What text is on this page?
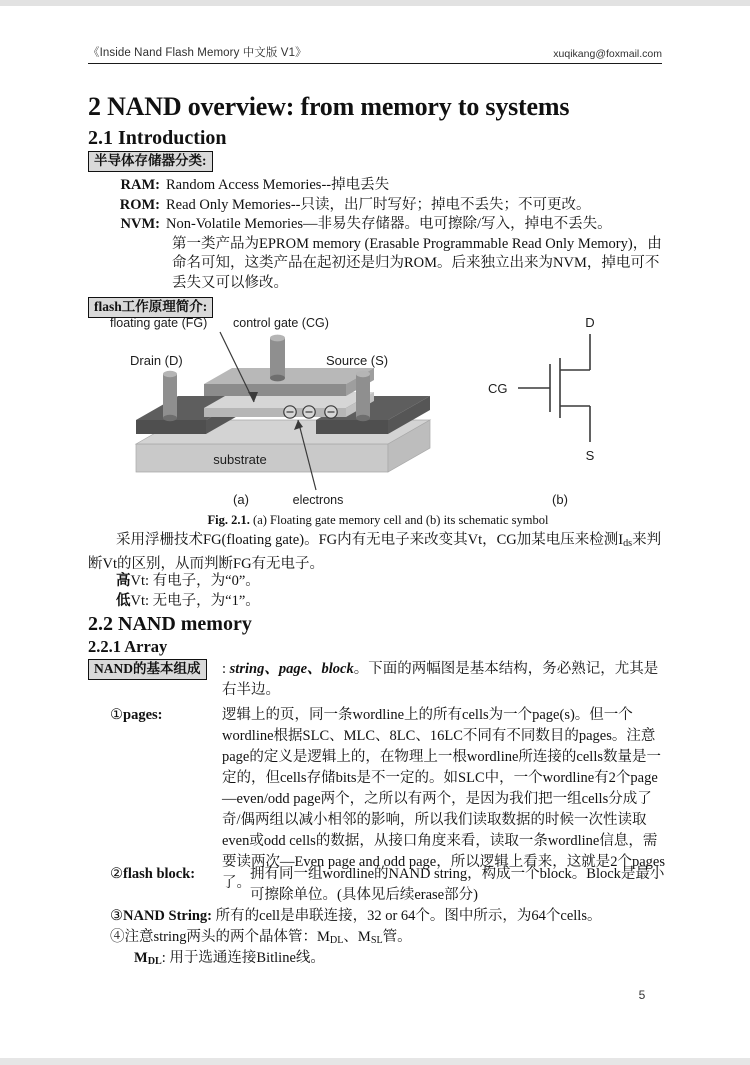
《Inside Nand Flash Memory 中文版 V1》	xuqikang@foxmail.com
2 NAND overview: from memory to systems
2.1 Introduction
半导体存储器分类:
RAM: Random Access Memories--掉电丢失
ROM: Read Only Memories--只读，出厂时写好；掉电不丢失；不可更改。
NVM: Non-Volatile Memories—非易失存储器。电可擦除/写入，掉电不丢失。
第一类产品为EPROM memory (Erasable Programmable Read Only Memory)，由命名可知，这类产品在起初还是归为ROM。后来独立出来为NVM，掉电可不丢失又可以修改。
flash工作原理简介:
floating gate (FG) control gate (CG)
Drain (D)	Source (S)
substrate
electrons
CG
D
S
(a)	(b)
Fig. 2.1. (a) Floating gate memory cell and (b) its schematic symbol
采用浮栅技术FG(floating gate)。FG内有无电子来改变其Vt，CG加某电压来检测$I_{ds}$来判断Vt的区别，从而判断FG有无电子。
高Vt: 有电子，为“0”。
低Vt: 无电子，为“1”。
2.2 NAND memory
2.2.1 Array
NAND的基本组成	: string、page、block。下面的两幅图是基本结构，务必熟记，尤其是右半边。
①pages:	逻辑上的页，同一条wordline上的所有cells为一个page(s)。但一个wordline根据SLC、MLC、8LC、16LC不同有不同数目的pages。注意page的定义是逻辑上的，在物理上一根wordline所连接的cells数量是一定的，但cells存储bits是不一定的。如SLC中，一个wordline有2个page —even/odd page两个，之所以有两个，是因为我们把一组cells分成了奇/偶两组以减小相邻的影响，所以我们读取数据的时候一次性读取even或odd cells的数据，从接口角度来看，读取一条wordline信息，需要读两次—Even page and odd page，所以逻辑上看来，这就是2个pages了。
②flash block:	拥有同一组wordline的NAND string，构成一个block。Block是最小可擦除单位。(具体见后续erase部分)
③NAND String: 所有的cell是串联连接，32 or 64个。图中所示，为64个cells。
④注意string两头的两个晶体管：$M_{DL}$、$M_{SL}$管。
$M_{DL}$: 用于选通连接Bitline线。
5
